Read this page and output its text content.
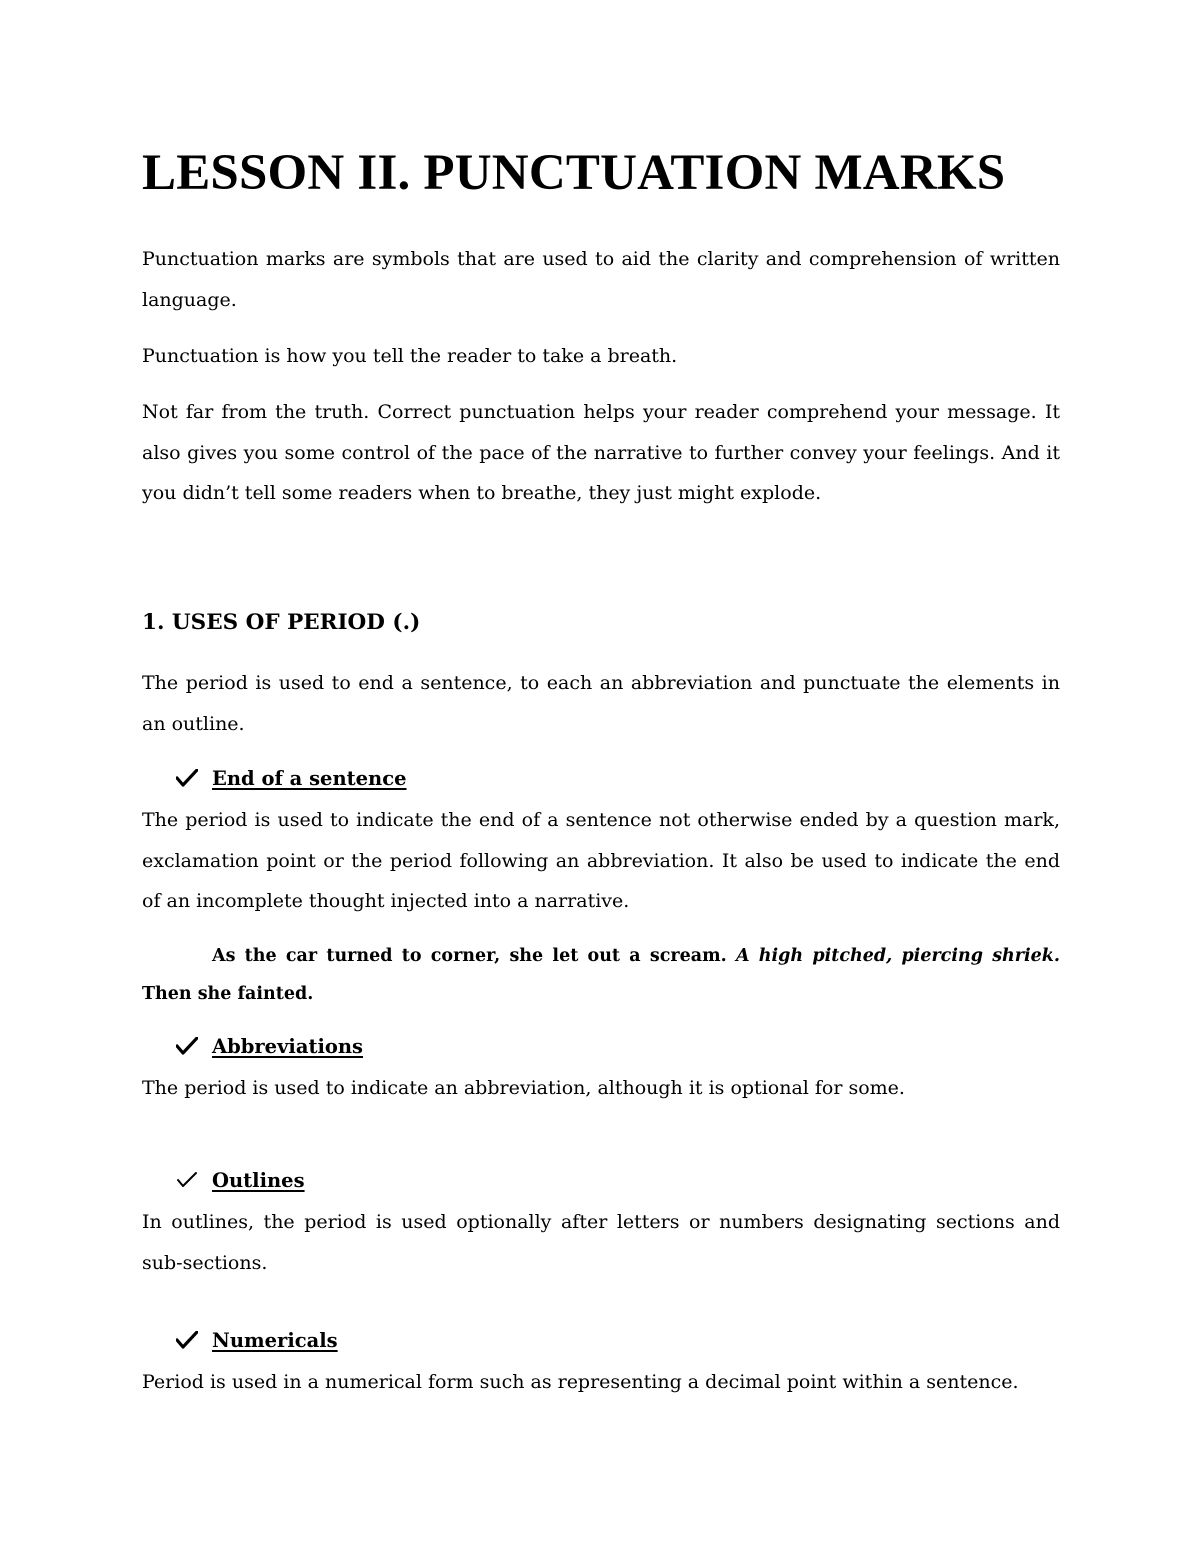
LESSON II. PUNCTUATION MARKS

Punctuation marks are symbols that are used to aid the clarity and comprehension of written language.

Punctuation is how you tell the reader to take a breath.

Not far from the truth. Correct punctuation helps your reader comprehend your message. It also gives you some control of the pace of the narrative to further convey your feelings. And it you didn’t tell some readers when to breathe, they just might explode.

1. USES OF PERIOD (.)

The period is used to end a sentence, to each an abbreviation and punctuate the elements in an outline.

End of a sentence

The period is used to indicate the end of a sentence not otherwise ended by a question mark, exclamation point or the period following an abbreviation. It also be used to indicate the end of an incomplete thought injected into a narrative.

As the car turned to corner, she let out a scream. A high pitched, piercing shriek. Then she fainted.

Abbreviations

The period is used to indicate an abbreviation, although it is optional for some.

Outlines

In outlines, the period is used optionally after letters or numbers designating sections and sub-sections.

Numericals

Period is used in a numerical form such as representing a decimal point within a sentence.
